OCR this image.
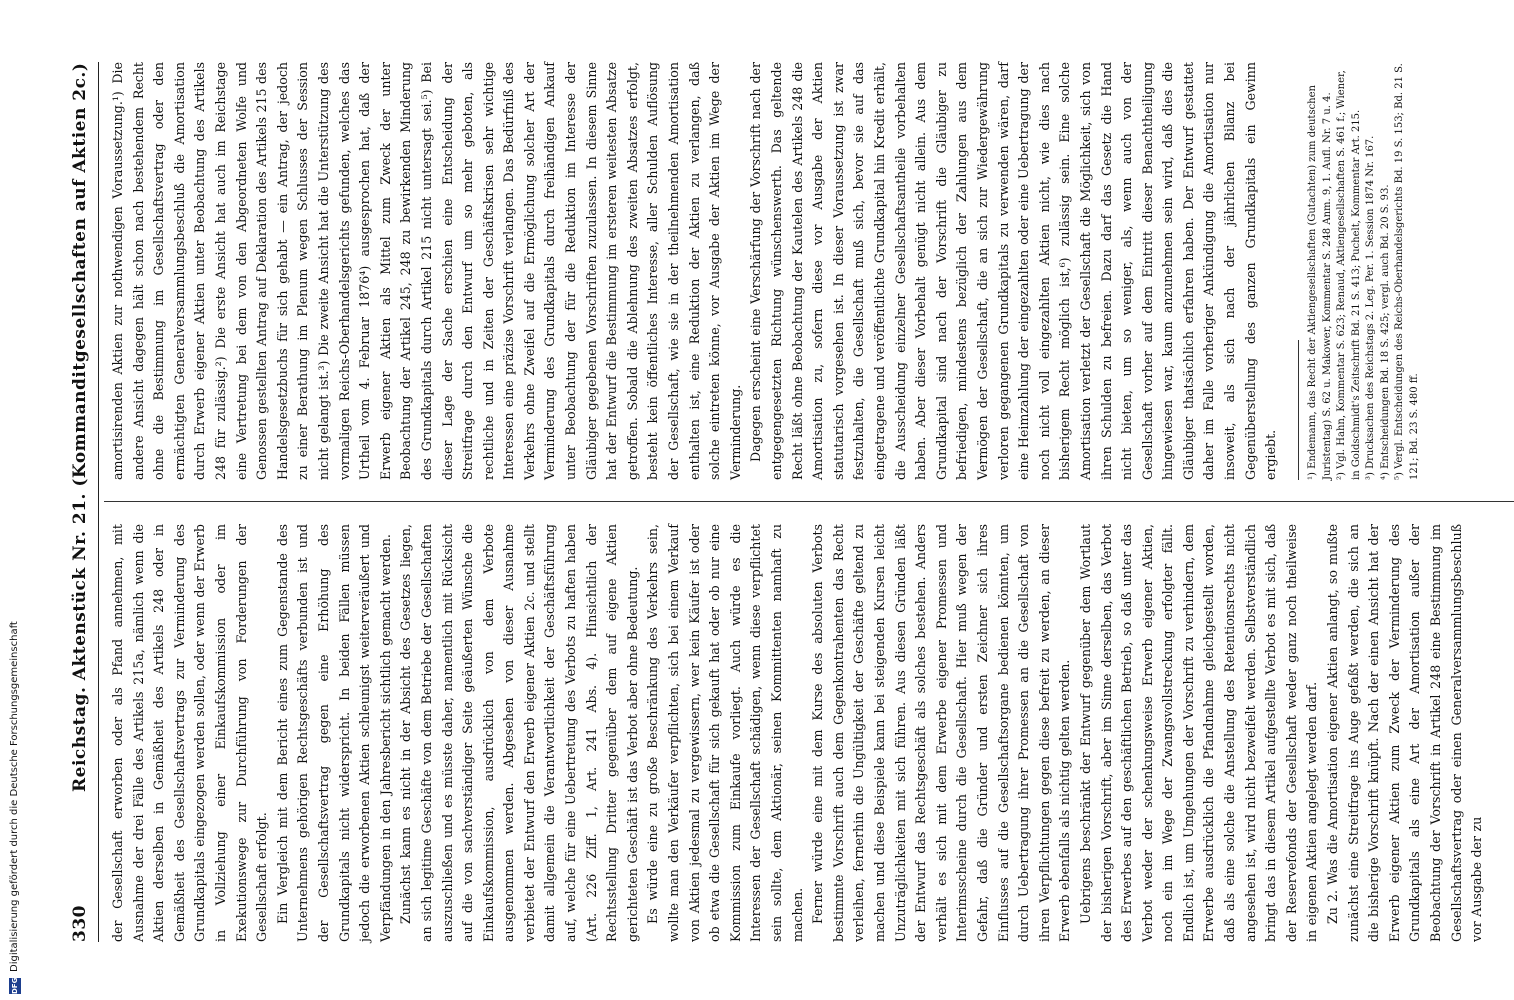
DFG
Digitalisierung gefördert durch die Deutsche Forschungsgemeinschaft	330
Reichstag. Aktenstück Nr. 21. (Kommanditgesellschaften auf Aktien 2c.) der Gesellschaft erworben oder als Pfand annehmen, mit Ausnahme der drei Fälle des Artikels 215a, nämlich wenn die Aktien derselben in Gemäßheit des Artikels 248 oder in Gemäßheit des Gesellschaftsvertrags zur Verminderung des Grundkapitals eingezogen werden sollen, oder wenn der Erwerb in Vollziehung einer Einkaufskommission oder im Exekutionswege zur Durchführung von Forderungen der Gesellschaft erfolgt. Ein Vergleich mit dem Bericht eines zum Gegenstande des Unternehmens gehörigen Rechtsgeschäfts verbunden ist und der Gesellschaftsvertrag gegen eine Erhöhung des Grundkapitals nicht widerspricht. In beiden Fällen müssen jedoch die erworbenen Aktien schleunigst weiterveräußert und Verpfändungen in den Jahresbericht sichtlich gemacht werden. Zunächst kann es nicht in der Absicht des Gesetzes liegen, an sich legitime Geschäfte von dem Betriebe der Gesellschaften auszuschließen und es müsste daher, namentlich mit Rücksicht auf die von sachverständiger Seite geäußerten Wünsche die Einkaufskommission, ausdrücklich von dem Verbote ausgenommen werden. Abgesehen von dieser Ausnahme verbietet der Entwurf den Erwerb eigener Aktien 2c. und stellt damit allgemein die Verantwortlichkeit der Geschäftsführung auf, welche für eine Uebertretung des Verbots zu haften haben (Art. 226 Ziff. 1, Art. 241 Abs. 4). Hinsichtlich der Rechtsstellung Dritter gegenüber dem auf eigene Aktien gerichteten Geschäft ist das Verbot aber ohne Bedeutung. Es würde eine zu große Beschränkung des Verkehrs sein, wollte man den Verkäufer verpflichten, sich bei einem Verkauf von Aktien jedesmal zu vergewissern, wer kein Käufer ist oder ob etwa die Gesellschaft für sich gekauft hat oder ob nur eine Kommission zum Einkaufe vorliegt. Auch würde es die Interessen der Gesellschaft schädigen, wenn diese verpflichtet sein sollte, dem Aktionär, seinen Kommittenten namhaft zu machen. Ferner würde eine mit dem Kurse des absoluten Verbots bestimmte Vorschrift auch dem Gegenkontrahenten das Recht verleihen, fernerhin die Ungültigkeit der Geschäfte geltend zu machen und diese Beispiele kann bei steigenden Kursen leicht Unzuträglichkeiten mit sich führen. Aus diesen Gründen läßt der Entwurf das Rechtsgeschäft als solches bestehen. Anders verhält es sich mit dem Erwerbe eigener Promessen und Interimsscheine durch die Gesellschaft. Hier muß wegen der Gefahr, daß die Gründer und ersten Zeichner sich ihres Einflusses auf die Gesellschaftsorgane bedienen könnten, um durch Uebertragung ihrer Promessen an die Gesellschaft von ihren Verpflichtungen gegen diese befreit zu werden, an dieser Erwerb ebenfalls als nichtig gelten werden. Uebrigens beschränkt der Entwurf gegenüber dem Wortlaut der bisherigen Vorschrift, aber im Sinne derselben, das Verbot des Erwerbes auf den geschäftlichen Betrieb, so daß unter das Verbot weder der schenkungsweise Erwerb eigener Aktien, noch ein im Wege der Zwangsvollstreckung erfolgter fällt. Endlich ist, um Umgehungen der Vorschrift zu verhindern, dem Erwerbe ausdrücklich die Pfandnahme gleichgestellt worden, daß als eine solche die Anstellung des Retentionsrechts nicht angesehen ist, wird nicht bezweifelt werden. Selbstverständlich bringt das in diesem Artikel aufgestellte Verbot es mit sich, daß der Reservefonds der Gesellschaft weder ganz noch theilweise in eigenen Aktien angelegt werden darf. Zu 2. Was die Amortisation eigener Aktien anlangt, so mußte zunächst eine Streitfrage ins Auge gefaßt werden, die sich an die bisherige Vorschrift knüpft. Nach der einen Ansicht hat der Erwerb eigener Aktien zum Zweck der Verminderung des Grundkapitals als eine Art der Amortisation außer der Beobachtung der Vorschrift in Artikel 248 eine Bestimmung im Gesellschaftsvertrag oder einen Generalversammlungsbeschluß vor Ausgabe der zu

amortisirenden Aktien zur nothwendigen Voraussetzung.¹) Die andere Ansicht dagegen hält schon nach bestehendem Recht ohne die Bestimmung im Gesellschaftsvertrag oder den ermächtigten Generalversammlungsbeschluß die Amortisation durch Erwerb eigener Aktien unter Beobachtung des Artikels 248 für zulässig.²) Die erste Ansicht hat auch im Reichstage eine Vertretung bei dem von den Abgeordneten Wolfe und Genossen gestellten Antrag auf Deklaration des Artikels 215 des Handelsgesetzbuchs für sich gehabt — ein Antrag, der jedoch zu einer Berathung im Plenum wegen Schlusses der Session nicht gelangt ist.³) Die zweite Ansicht hat die Unterstützung des vormaligen Reichs-Oberhandelsgerichts gefunden, welches das Urtheil vom 4. Februar 1876⁴) ausgesprochen hat, daß der Erwerb eigener Aktien als Mittel zum Zweck der unter Beobachtung der Artikel 245, 248 zu bewirkenden Minderung des Grundkapitals durch Artikel 215 nicht untersagt sei.⁵) Bei dieser Lage der Sache erschien eine Entscheidung der Streitfrage durch den Entwurf um so mehr geboten, als rechtliche und in Zeiten der Geschäftskrisen sehr wichtige Interessen eine präzise Vorschrift verlangen. Das Bedürfniß des Verkehrs ohne Zweifel auf die Ermöglichung solcher Art der Verminderung des Grundkapitals durch freihändigen Ankauf unter Beobachtung der für die Reduktion im Interesse der Gläubiger gegebenen Vorschriften zuzulassen. In diesem Sinne hat der Entwurf die Bestimmung im ersteren weitesten Absatze getroffen. Sobald die Ablehnung des zweiten Absatzes erfolgt, besteht kein öffentliches Interesse, aller Schulden Auflösung der Gesellschaft, wie sie in der theilnehmenden Amortisation enthalten ist, eine Reduktion der Aktien zu verlangen, daß solche eintreten könne, vor Ausgabe der Aktien im Wege der Verminderung. Dagegen erscheint eine Verschärfung der Vorschrift nach der entgegengesetzten Richtung wünschenswerth. Das geltende Recht läßt ohne Beobachtung der Kautelen des Artikels 248 die Amortisation zu, sofern diese vor Ausgabe der Aktien statutarisch vorgesehen ist. In dieser Voraussetzung ist zwar festzuhalten, die Gesellschaft muß sich, bevor sie auf das eingetragene und veröffentlichte Grundkapital hin Kredit erhält, die Ausscheidung einzelner Gesellschaftsantheile vorbehalten haben. Aber dieser Vorbehalt genügt nicht allein. Aus dem Grundkapital sind nach der Vorschrift die Gläubiger zu befriedigen, mindestens bezüglich der Zahlungen aus dem Vermögen der Gesellschaft, die an sich zur Wiedergewährung verloren gegangenen Grundkapitals zu verwenden wären, darf eine Heimzahlung der eingezahlten oder eine Uebertragung der noch nicht voll eingezahlten Aktien nicht, wie dies nach bisherigem Recht möglich ist,⁶) zulässig sein. Eine solche Amortisation verletzt der Gesellschaft die Möglichkeit, sich von ihren Schulden zu befreien. Dazu darf das Gesetz die Hand nicht bieten, um so weniger, als, wenn auch von der Gesellschaft vorher auf dem Eintritt dieser Benachtheiligung hingewiesen war, kaum anzunehmen sein wird, daß dies die Gläubiger thatsächlich erfahren haben. Der Entwurf gestattet daher im Falle vorheriger Ankündigung die Amortisation nur insoweit, als sich nach der jährlichen Bilanz bei Gegenüberstellung des ganzen Grundkapitals ein Gewinn ergiebt.	¹) Endemann, das Recht der Aktiengesellschaften (Gutachten) zum deutschen Juristentag) S. 62 u. Makower, Kommentar S. 248 Anm. 9, 1. Aufl. Nr. 7 u. 4. ²) Vgl. Hahn, Kommentar S. 623; Renaud, Aktiengesellschaften S. 461 f.; Wiener, in Goldschmidt's Zeitschrift Bd. 21 S. 413; Puchelt, Kommentar Art. 215. ³) Drucksachen des Reichstags 2. Leg. Per. 1. Session 1874 Nr. 167. ⁴) Entscheidungen Bd. 18 S. 425; vergl. auch Bd. 20 S. 93. ⁵) Vergl. Entscheidungen des Reichs-Oberhandelsgerichts Bd. 19 S. 153; Bd. 21 S. 121; Bd. 23 S. 480 ff.
